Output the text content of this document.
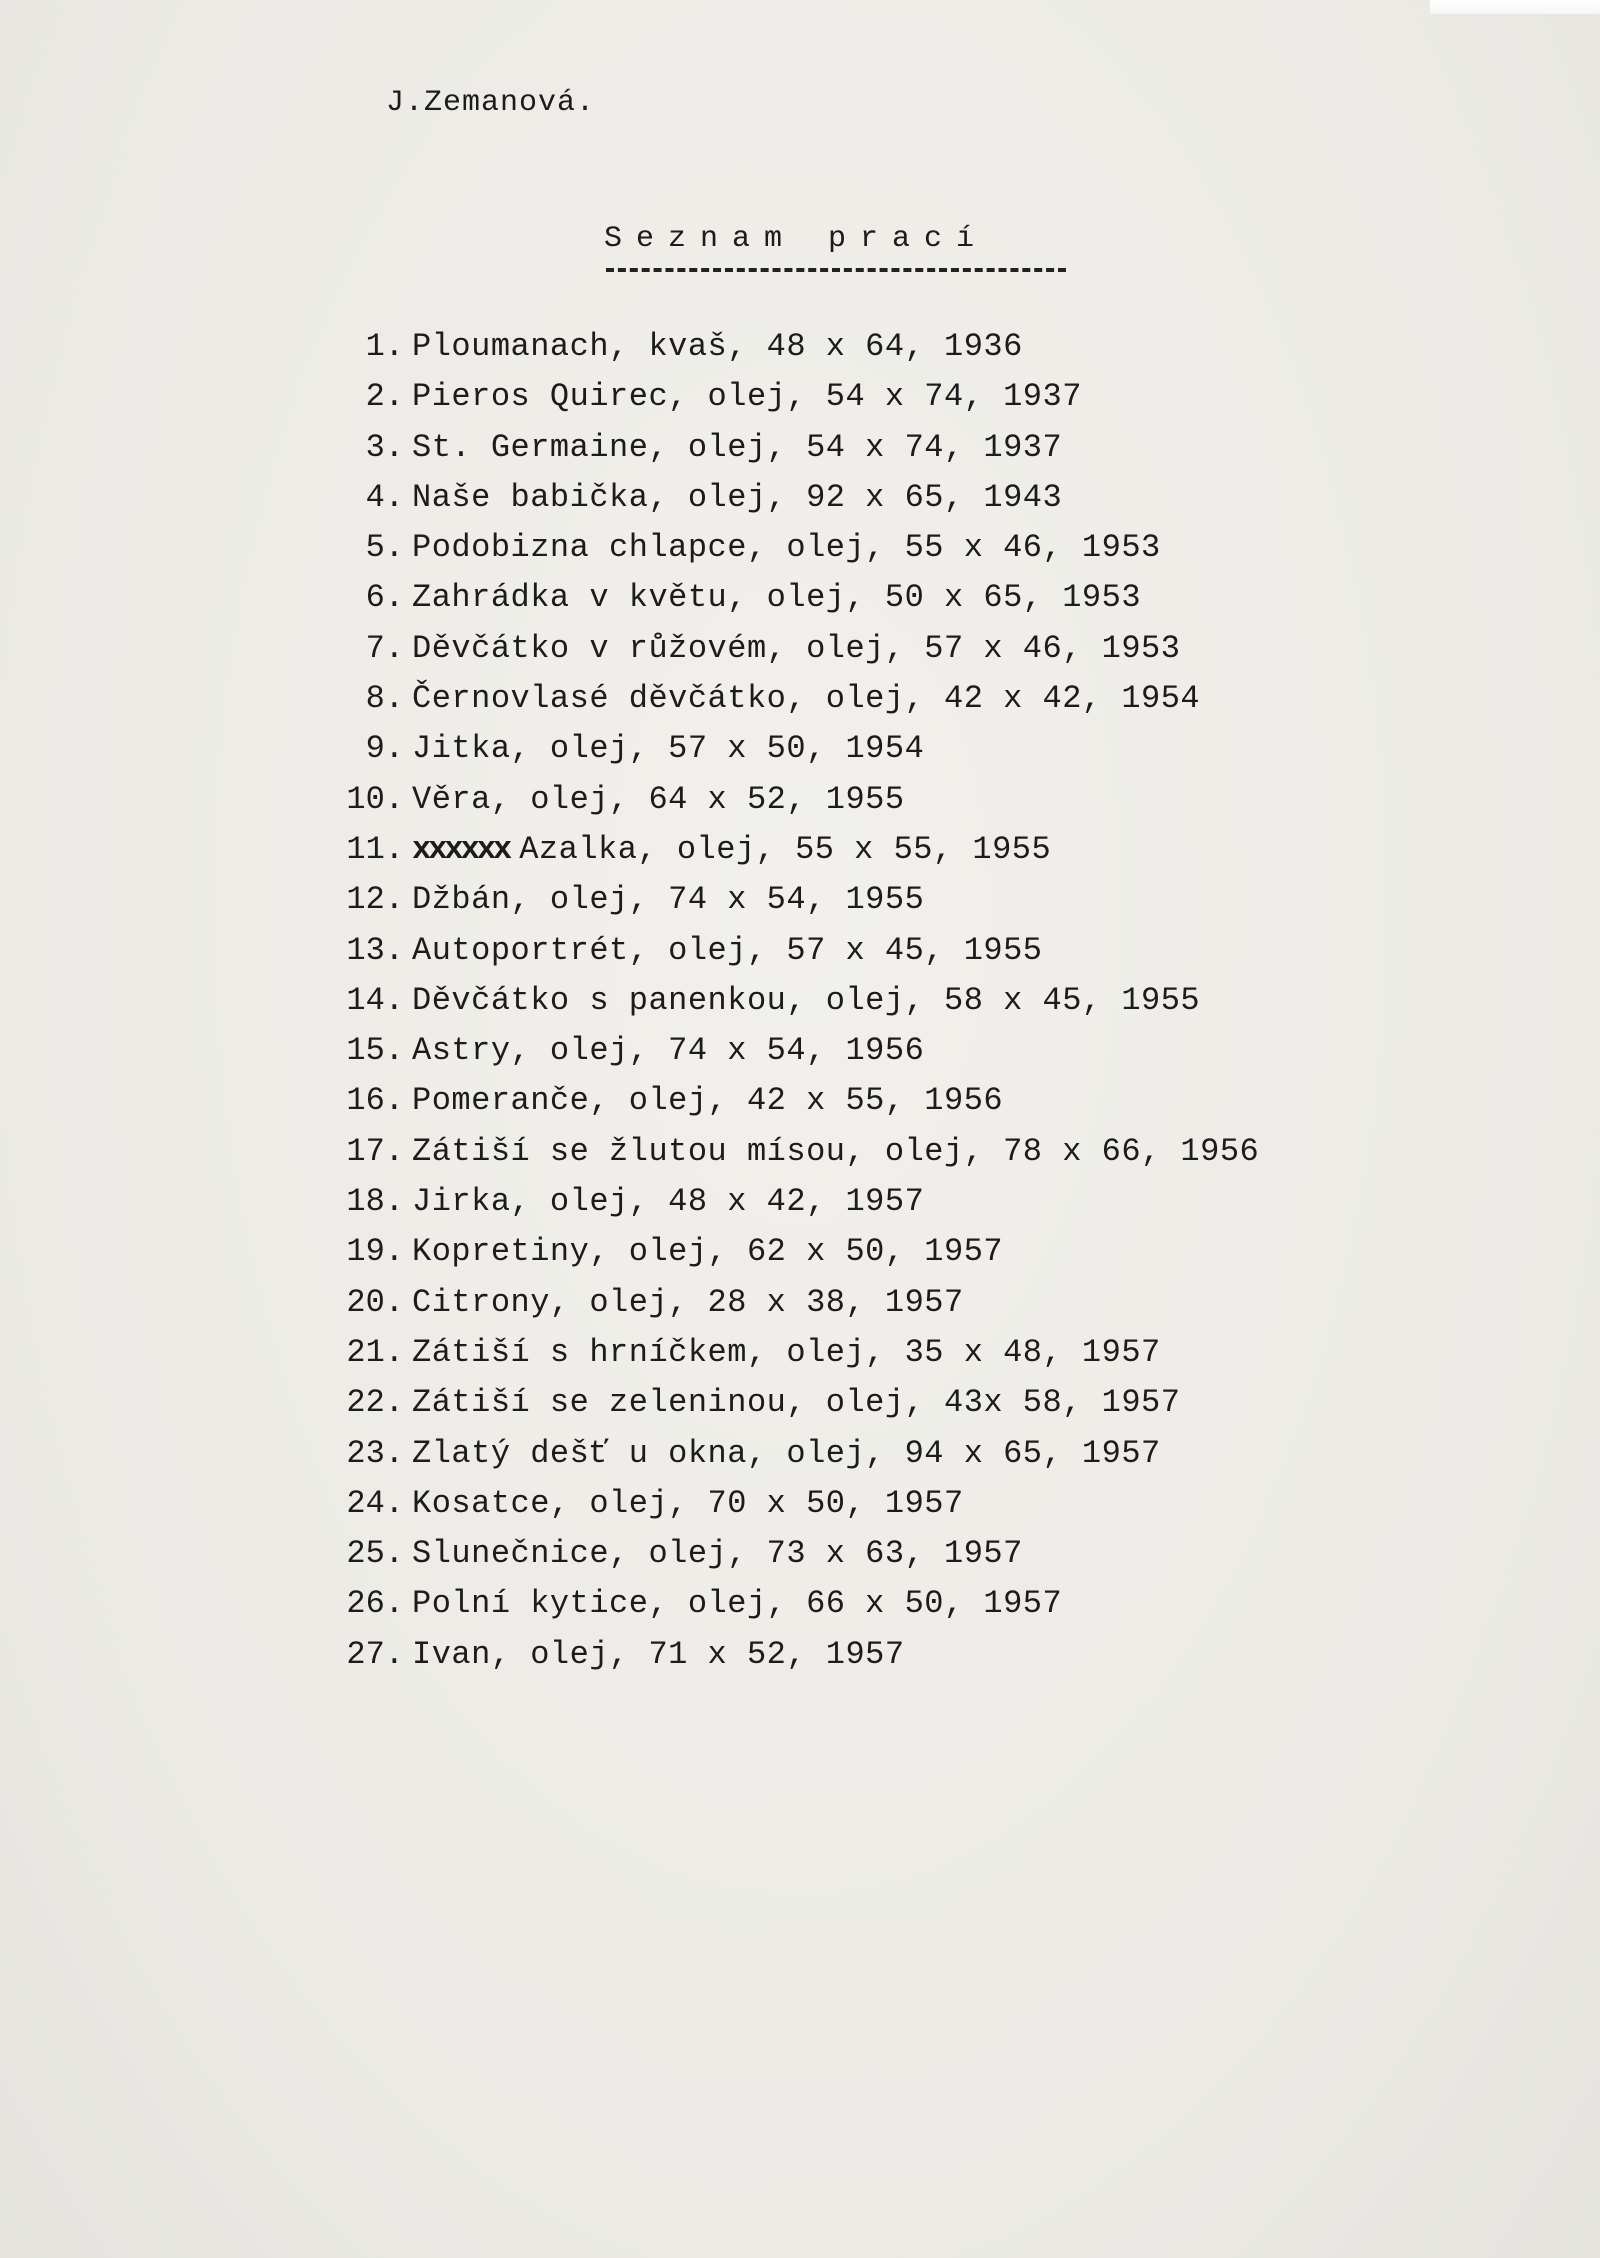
J.Zemanová.
Seznam prací
1. Ploumanach, kvaš, 48 x 64, 1936
2. Pieros Quirec, olej, 54 x 74, 1937
3. St. Germaine, olej, 54 x 74, 1937
4. Naše babička, olej, 92 x 65, 1943
5. Podobizna chlapce, olej, 55 x 46, 1953
6. Zahrádka v květu, olej, 50 x 65, 1953
7. Děvčátko v růžovém, olej, 57 x 46, 1953
8. Černovlasé děvčátko, olej, 42 x 42, 1954
9. Jitka, olej, 57 x 50, 1954
10. Věra, olej, 64 x 52, 1955
11. xxxxxx Azalka, olej, 55 x 55, 1955
12. Džbán, olej, 74 x 54, 1955
13. Autoportrét, olej, 57 x 45, 1955
14. Děvčátko s panenkou, olej, 58 x 45, 1955
15. Astry, olej, 74 x 54, 1956
16. Pomeranče, olej, 42 x 55, 1956
17. Zátiší se žlutou mísou, olej, 78 x 66, 1956
18. Jirka, olej, 48 x 42, 1957
19. Kopretiny, olej, 62 x 50, 1957
20. Citrony, olej, 28 x 38, 1957
21. Zátiší s hrníčkem, olej, 35 x 48, 1957
22. Zátiší se zeleninou, olej, 43x 58, 1957
23. Zlatý dešť u okna, olej, 94 x 65, 1957
24. Kosatce, olej, 70 x 50, 1957
25. Slunečnice, olej, 73 x 63, 1957
26. Polní kytice, olej, 66 x 50, 1957
27. Ivan, olej, 71 x 52, 1957
